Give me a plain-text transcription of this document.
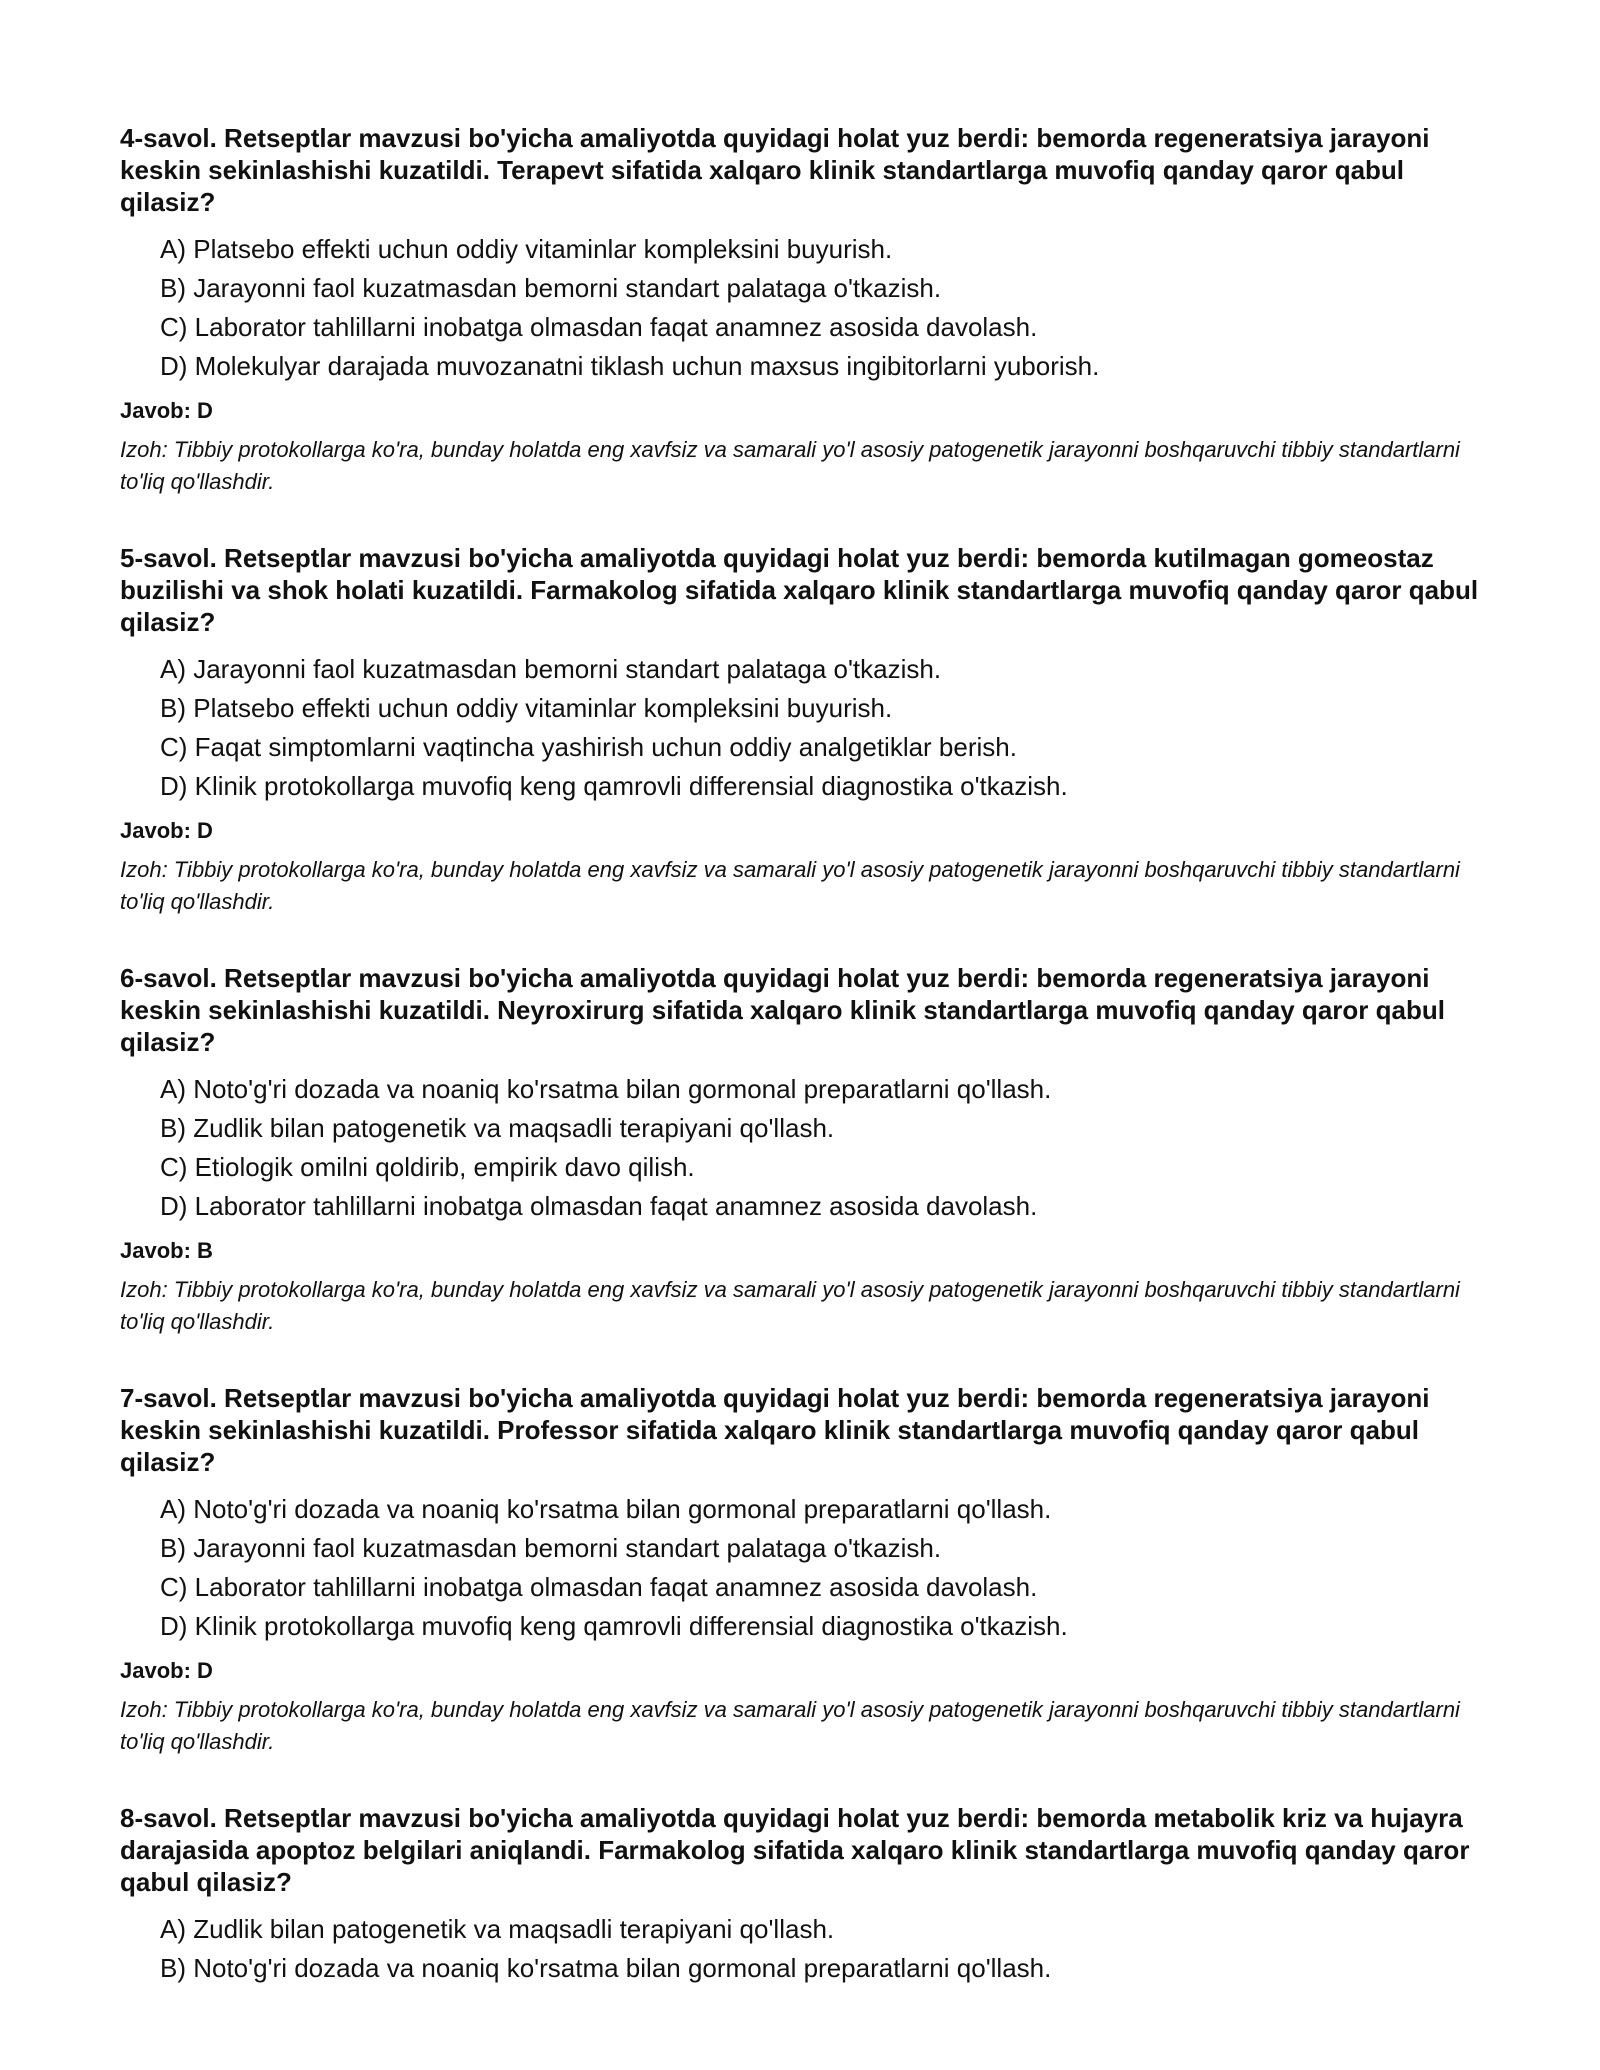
4-savol. Retseptlar mavzusi bo'yicha amaliyotda quyidagi holat yuz berdi: bemorda regeneratsiya jarayoni keskin sekinlashishi kuzatildi. Terapevt sifatida xalqaro klinik standartlarga muvofiq qanday qaror qabul qilasiz?

A) Platsebo effekti uchun oddiy vitaminlar kompleksini buyurish.
B) Jarayonni faol kuzatmasdan bemorni standart palataga o'tkazish.
C) Laborator tahlillarni inobatga olmasdan faqat anamnez asosida davolash.
D) Molekulyar darajada muvozanatni tiklash uchun maxsus ingibitorlarni yuborish.

Javob: D

Izoh: Tibbiy protokollarga ko'ra, bunday holatda eng xavfsiz va samarali yo'l asosiy patogenetik jarayonni boshqaruvchi tibbiy standartlarni to'liq qo'llashdir.

5-savol. Retseptlar mavzusi bo'yicha amaliyotda quyidagi holat yuz berdi: bemorda kutilmagan gomeostaz buzilishi va shok holati kuzatildi. Farmakolog sifatida xalqaro klinik standartlarga muvofiq qanday qaror qabul qilasiz?

A) Jarayonni faol kuzatmasdan bemorni standart palataga o'tkazish.
B) Platsebo effekti uchun oddiy vitaminlar kompleksini buyurish.
C) Faqat simptomlarni vaqtincha yashirish uchun oddiy analgetiklar berish.
D) Klinik protokollarga muvofiq keng qamrovli differensial diagnostika o'tkazish.

Javob: D

Izoh: Tibbiy protokollarga ko'ra, bunday holatda eng xavfsiz va samarali yo'l asosiy patogenetik jarayonni boshqaruvchi tibbiy standartlarni to'liq qo'llashdir.

6-savol. Retseptlar mavzusi bo'yicha amaliyotda quyidagi holat yuz berdi: bemorda regeneratsiya jarayoni keskin sekinlashishi kuzatildi. Neyroxirurg sifatida xalqaro klinik standartlarga muvofiq qanday qaror qabul qilasiz?

A) Noto'g'ri dozada va noaniq ko'rsatma bilan gormonal preparatlarni qo'llash.
B) Zudlik bilan patogenetik va maqsadli terapiyani qo'llash.
C) Etiologik omilni qoldirib, empirik davo qilish.
D) Laborator tahlillarni inobatga olmasdan faqat anamnez asosida davolash.

Javob: B

Izoh: Tibbiy protokollarga ko'ra, bunday holatda eng xavfsiz va samarali yo'l asosiy patogenetik jarayonni boshqaruvchi tibbiy standartlarni to'liq qo'llashdir.

7-savol. Retseptlar mavzusi bo'yicha amaliyotda quyidagi holat yuz berdi: bemorda regeneratsiya jarayoni keskin sekinlashishi kuzatildi. Professor sifatida xalqaro klinik standartlarga muvofiq qanday qaror qabul qilasiz?

A) Noto'g'ri dozada va noaniq ko'rsatma bilan gormonal preparatlarni qo'llash.
B) Jarayonni faol kuzatmasdan bemorni standart palataga o'tkazish.
C) Laborator tahlillarni inobatga olmasdan faqat anamnez asosida davolash.
D) Klinik protokollarga muvofiq keng qamrovli differensial diagnostika o'tkazish.

Javob: D

Izoh: Tibbiy protokollarga ko'ra, bunday holatda eng xavfsiz va samarali yo'l asosiy patogenetik jarayonni boshqaruvchi tibbiy standartlarni to'liq qo'llashdir.

8-savol. Retseptlar mavzusi bo'yicha amaliyotda quyidagi holat yuz berdi: bemorda metabolik kriz va hujayra darajasida apoptoz belgilari aniqlandi. Farmakolog sifatida xalqaro klinik standartlarga muvofiq qanday qaror qabul qilasiz?

A) Zudlik bilan patogenetik va maqsadli terapiyani qo'llash.
B) Noto'g'ri dozada va noaniq ko'rsatma bilan gormonal preparatlarni qo'llash.
